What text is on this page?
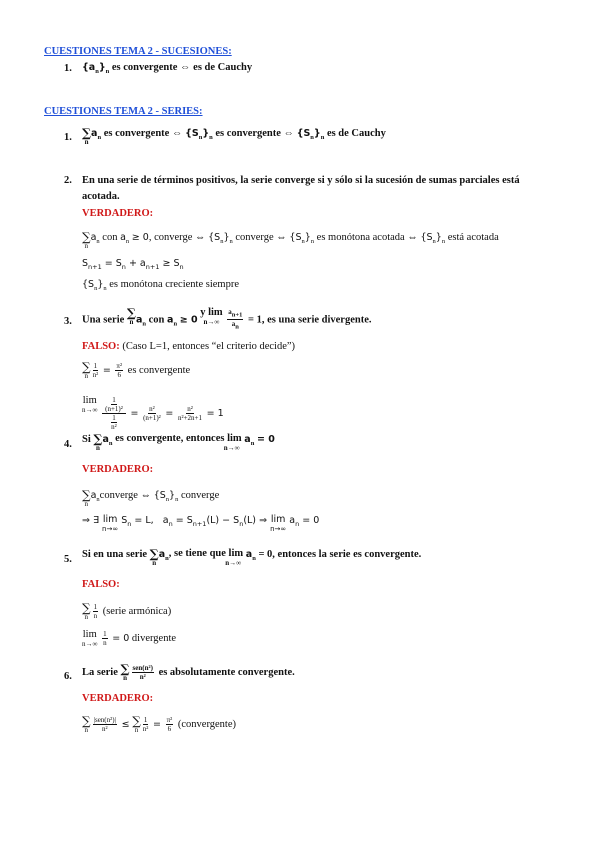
CUESTIONES TEMA 2 - SUCESIONES:
1. $\{a_n\}_n$ es convergente ⇔ es de Cauchy
CUESTIONES TEMA 2 - SERIES:
1. ∑
n
$a_n$ es convergente ⇔ $\{S_n\}_n$ es convergente ⇔ $\{S_n\}_n$ es de Cauchy
2. En una serie de términos positivos, la serie converge si y sólo si la sucesión de sumas parciales está
acotada.
VERDADERO:
∑
n
$a_n$ con $a_n \ge 0$, converge ⇔ $\{S_n\}_n$ converge ⇔ $\{S_n\}_n$ es monótona acotada ⇔ $\{S_n\}_n$ está acotada
$S_{n+1} = S_n + a_{n+1} \ge S_n$
$\{S_n\}_n$ es monótona creciente siempre
3. Una serie ∑
n $a_n$ con $a_n \ge 0$
y lim
n→∞
$\frac{a_{n+1}}{a_n} = 1$, es una serie divergente.
FALSO: (Caso L=1, entonces “el criterio decide”)
∑
n $\frac{1}{\text{n²}} = \frac{\text{π²}}{6}$ es convergente
lim
n→∞
$\frac{\frac{1}{\text{(n+1)²}}}{\frac{1}{\text{n²}}} = \frac{\text{n²}}{\text{(n+1)²}} = \frac{\text{n²}}{\text{n²+2n+1}} = 1$
4. Si ∑
n
$a_n$ es convergente, entonces lim
n→∞
$a_n = 0$
VERDADERO:
∑
n
$a_nconverge$ ⇔ $\{S_n\}_n$ converge
⇒ ∃ lim
n→∞
$S_n = L$, $a_n = S_{n+1}(L) - S_n(L)$ ⇒ lim
n→∞
$a_n = 0$
5. Si en una serie ∑
n
$a_n$ , se tiene que lim
n→∞
$a_n = 0$, entonces la serie es convergente.
FALSO:
∑
n $\frac{1}{n}$ (serie armónica)
lim
n→∞
$\frac{1}{n} = 0$ divergente
6. La serie ∑
n $\frac{\text{sen(n²)}}{\text{n²}}$ es absolutamente convergente.
VERDADERO:
∑
n $\frac{\text{|sen(n²)|}}{\text{n²}}$ ≤ ∑
n $\frac{1}{\text{n²}} = \frac{\text{π²}}{6}$ (convergente)
